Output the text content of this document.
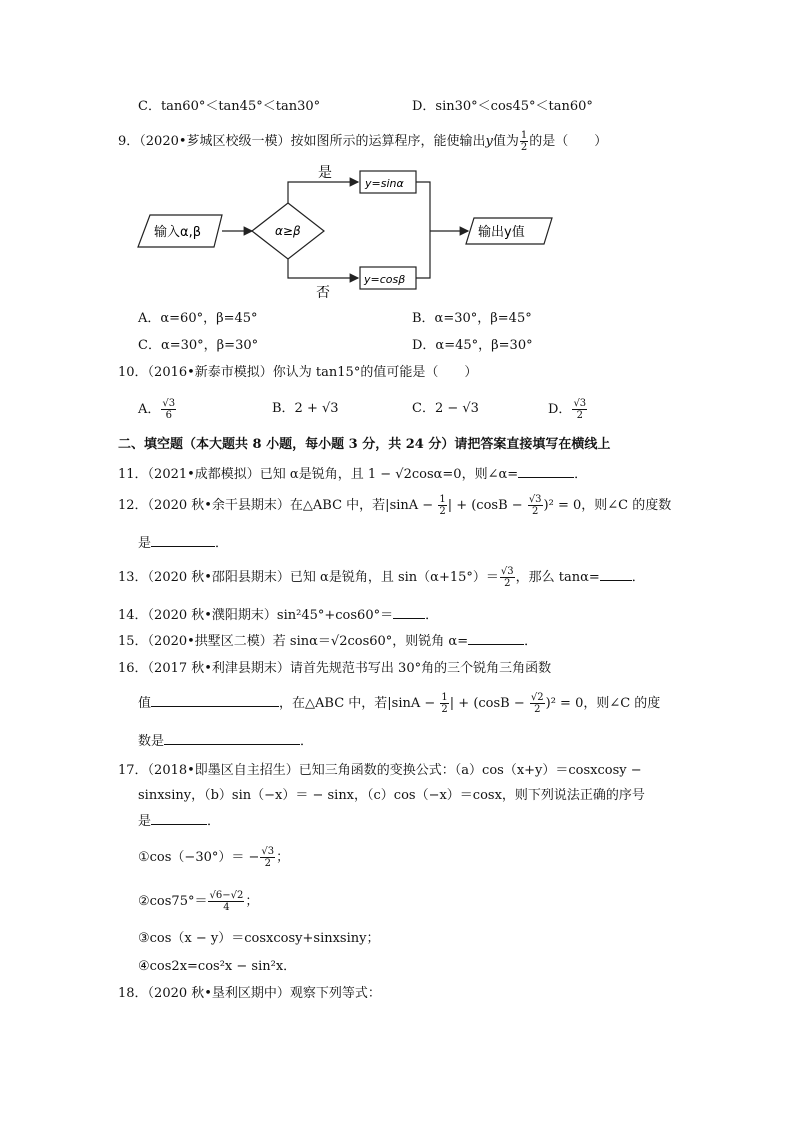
C．tan60°＜tan45°＜tan30°	D．sin30°＜cos45°＜tan60°
9．（2020•芗城区校级一模）按如图所示的运算程序，能使输出y值为 $\frac{1}{2}$ 的是（　　）
输入α,β	α≥β
是
y=sinα
否
y=cosβ
输出y值
A．α=60°，β=45°	B．α=30°，β=45°
C．α=30°，β=30°	D．α=45°，β=30°
10．（2016•新泰市模拟）你认为 tan15°的值可能是（　　）
A． $\frac{√3}{6}$	B．2 + √3	C．2 − √3	D． $\frac{√3}{2}$
二、填空题（本大题共 8 小题，每小题 3 分，共 24 分）请把答案直接填写在横线上
11．（2021•成都模拟）已知 α是锐角，且 1 − √2cosα=0，则∠α=	．
12．（2020 秋•余干县期末）在△ABC 中，若$|\sin A - \frac{1}{2}$ | + $(\cos B - \frac{√3}{2} )^2 = 0$，则∠C 的度数
是	．
13．（2020 秋•邵阳县期末）已知 α是锐角，且 $\sin(\alpha+15^\circ)= \frac{√3}{2}$ ，那么 tanα= ．
14．（2020 秋•濮阳期末）sin²45°+cos60°＝ ．
15．（2020•拱墅区二模）若 sinα＝√2cos60°，则锐角 α=	．
16．（2017 秋•利津县期末）请首先规范书写出 30°角的三个锐角三角函数
值	，在△ABC 中，若$|\sin A - \frac{1}{2}$ | + $(\cos B - \frac{√2}{2} )^2 = 0$，则∠C 的度
数是	．
17．（2018•即墨区自主招生）已知三角函数的变换公式：（a）cos（x+y）＝cosxcosy −
sinxsiny，（b）sin（−x）＝ − sinx，（c）cos（−x）＝cosx，则下列说法正确的序号
是	．
①cos（−30°）＝ − $\frac{√3}{2}$ ；
②cos75°＝ $\frac{√6-√2}{4}$ ；
③cos（x − y）＝cosxcosy+sinxsiny；
④cos2x=cos²x − sin²x．
18．（2020 秋•垦利区期中）观察下列等式：
